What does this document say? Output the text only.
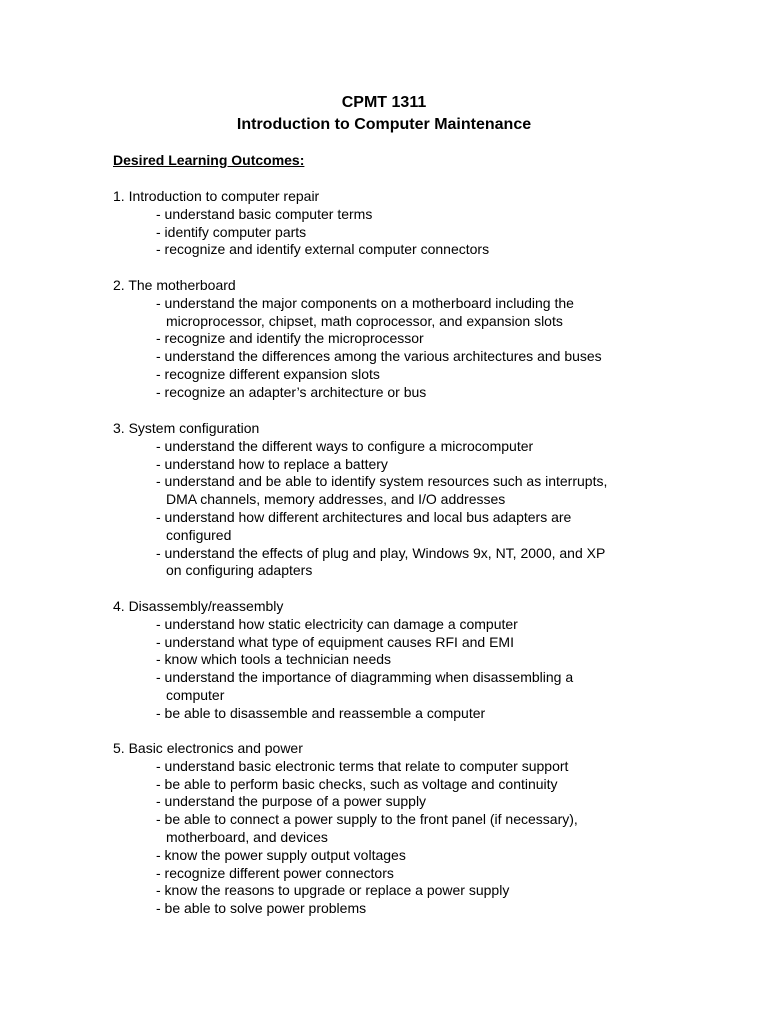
CPMT 1311
Introduction to Computer Maintenance
Desired Learning Outcomes:
1. Introduction to computer repair
- understand basic computer terms
- identify computer parts
- recognize and identify external computer connectors
2. The motherboard
- understand the major components on a motherboard including the
microprocessor, chipset, math coprocessor, and expansion slots
- recognize and identify the microprocessor
- understand the differences among the various architectures and buses
- recognize different expansion slots
- recognize an adapter’s architecture or bus
3. System configuration
- understand the different ways to configure a microcomputer
- understand how to replace a battery
- understand and be able to identify system resources such as interrupts,
DMA channels, memory addresses, and I/O addresses
- understand how different architectures and local bus adapters are
configured
- understand the effects of plug and play, Windows 9x, NT, 2000, and XP
on configuring adapters
4. Disassembly/reassembly
- understand how static electricity can damage a computer
- understand what type of equipment causes RFI and EMI
- know which tools a technician needs
- understand the importance of diagramming when disassembling a
computer
- be able to disassemble and reassemble a computer
5. Basic electronics and power
- understand basic electronic terms that relate to computer support
- be able to perform basic checks, such as voltage and continuity
- understand the purpose of a power supply
- be able to connect a power supply to the front panel (if necessary),
motherboard, and devices
- know the power supply output voltages
- recognize different power connectors
- know the reasons to upgrade or replace a power supply
- be able to solve power problems
